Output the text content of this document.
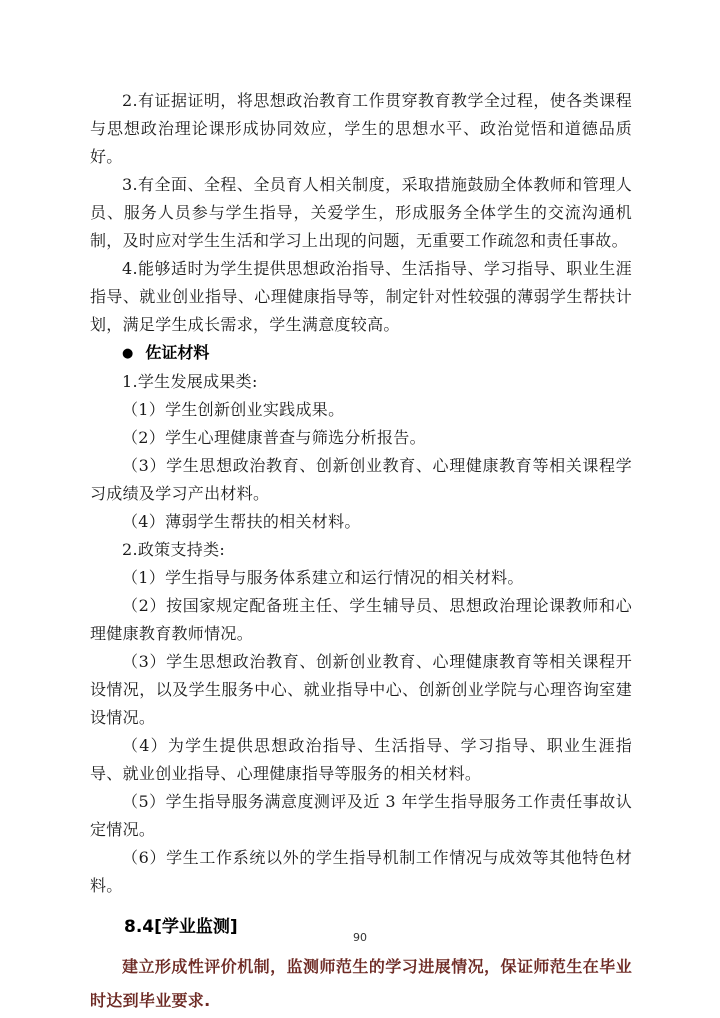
2.有证据证明，将思想政治教育工作贯穿教育教学全过程，使各类课程与思想政治理论课形成协同效应，学生的思想水平、政治觉悟和道德品质好。

3.有全面、全程、全员育人相关制度，采取措施鼓励全体教师和管理人员、服务人员参与学生指导，关爱学生，形成服务全体学生的交流沟通机制，及时应对学生生活和学习上出现的问题，无重要工作疏忽和责任事故。

4.能够适时为学生提供思想政治指导、生活指导、学习指导、职业生涯指导、就业创业指导、心理健康指导等，制定针对性较强的薄弱学生帮扶计划，满足学生成长需求，学生满意度较高。

● 佐证材料

1.学生发展成果类:

（1）学生创新创业实践成果。

（2）学生心理健康普查与筛选分析报告。

（3）学生思想政治教育、创新创业教育、心理健康教育等相关课程学习成绩及学习产出材料。

（4）薄弱学生帮扶的相关材料。

2.政策支持类:

（1）学生指导与服务体系建立和运行情况的相关材料。

（2）按国家规定配备班主任、学生辅导员、思想政治理论课教师和心理健康教育教师情况。

（3）学生思想政治教育、创新创业教育、心理健康教育等相关课程开设情况，以及学生服务中心、就业指导中心、创新创业学院与心理咨询室建设情况。

（4）为学生提供思想政治指导、生活指导、学习指导、职业生涯指导、就业创业指导、心理健康指导等服务的相关材料。

（5）学生指导服务满意度测评及近 3 年学生指导服务工作责任事故认定情况。

（6）学生工作系统以外的学生指导机制工作情况与成效等其他特色材料。

8.4[学业监测]

建立形成性评价机制，监测师范生的学习进展情况，保证师范生在毕业时达到毕业要求.

90
